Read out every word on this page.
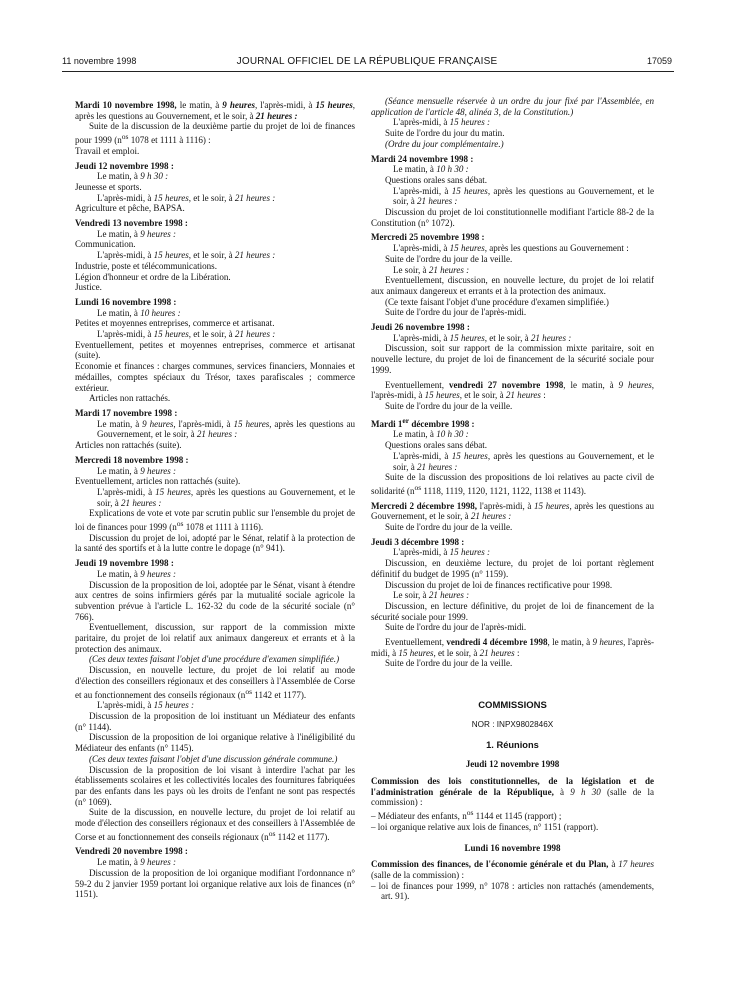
11 novembre 1998	JOURNAL OFFICIEL DE LA RÉPUBLIQUE FRANÇAISE	17059

Mardi 10 novembre 1998, le matin, à 9 heures, l'après-midi, à 15 heures, après les questions au Gouvernement, et le soir, à 21 heures :

Suite de la discussion de la deuxième partie du projet de loi de finances pour 1999 ($n^{os}$ 1078 et 1111 à 1116) :

Travail et emploi.

Jeudi 12 novembre 1998 :

Le matin, à 9 h 30 :

Jeunesse et sports.

L'après-midi, à 15 heures, et le soir, à 21 heures :

Agriculture et pêche, BAPSA.

Vendredi 13 novembre 1998 :

Le matin, à 9 heures :

Communication.

L'après-midi, à 15 heures, et le soir, à 21 heures :

Industrie, poste et télécommunications.

Légion d'honneur et ordre de la Libération.

Justice.

Lundi 16 novembre 1998 :

Le matin, à 10 heures :

Petites et moyennes entreprises, commerce et artisanat.

L'après-midi, à 15 heures, et le soir, à 21 heures :

Eventuellement, petites et moyennes entreprises, commerce et artisanat (suite).

Economie et finances : charges communes, services financiers, Monnaies et médailles, comptes spéciaux du Trésor, taxes parafiscales ; commerce extérieur.

Articles non rattachés.

Mardi 17 novembre 1998 :

Le matin, à 9 heures, l'après-midi, à 15 heures, après les questions au Gouvernement, et le soir, à 21 heures :

Articles non rattachés (suite).

Mercredi 18 novembre 1998 :

Le matin, à 9 heures :

Eventuellement, articles non rattachés (suite).

L'après-midi, à 15 heures, après les questions au Gouvernement, et le soir, à 21 heures :

Explications de vote et vote par scrutin public sur l'ensemble du projet de loi de finances pour 1999 ($n^{os}$ 1078 et 1111 à 1116).

Discussion du projet de loi, adopté par le Sénat, relatif à la protection de la santé des sportifs et à la lutte contre le dopage (n° 941).

Jeudi 19 novembre 1998 :

Le matin, à 9 heures :

Discussion de la proposition de loi, adoptée par le Sénat, visant à étendre aux centres de soins infirmiers gérés par la mutualité sociale agricole la subvention prévue à l'article L. 162-32 du code de la sécurité sociale (n° 766).

Eventuellement, discussion, sur rapport de la commission mixte paritaire, du projet de loi relatif aux animaux dangereux et errants et à la protection des animaux.

(Ces deux textes faisant l'objet d'une procédure d'examen simplifiée.)

Discussion, en nouvelle lecture, du projet de loi relatif au mode d'élection des conseillers régionaux et des conseillers à l'Assemblée de Corse et au fonctionnement des conseils régionaux ($n^{os}$ 1142 et 1177).

L'après-midi, à 15 heures :

Discussion de la proposition de loi instituant un Médiateur des enfants (n° 1144).

Discussion de la proposition de loi organique relative à l'inéligibilité du Médiateur des enfants (n° 1145).

(Ces deux textes faisant l'objet d'une discussion générale commune.)

Discussion de la proposition de loi visant à interdire l'achat par les établissements scolaires et les collectivités locales des fournitures fabriquées par des enfants dans les pays où les droits de l'enfant ne sont pas respectés (n° 1069).

Suite de la discussion, en nouvelle lecture, du projet de loi relatif au mode d'élection des conseillers régionaux et des conseillers à l'Assemblée de Corse et au fonctionnement des conseils régionaux ($n^{os}$ 1142 et 1177).

Vendredi 20 novembre 1998 :

Le matin, à 9 heures :

Discussion de la proposition de loi organique modifiant l'ordonnance n° 59-2 du 2 janvier 1959 portant loi organique relative aux lois de finances (n° 1151).

(Séance mensuelle réservée à un ordre du jour fixé par l'Assemblée, en application de l'article 48, alinéa 3, de la Constitution.)

L'après-midi, à 15 heures :

Suite de l'ordre du jour du matin.

(Ordre du jour complémentaire.)

Mardi 24 novembre 1998 :

Le matin, à 10 h 30 :

Questions orales sans débat.

L'après-midi, à 15 heures, après les questions au Gouvernement, et le soir, à 21 heures :

Discussion du projet de loi constitutionnelle modifiant l'article 88-2 de la Constitution (n° 1072).

Mercredi 25 novembre 1998 :

L'après-midi, à 15 heures, après les questions au Gouvernement :

Suite de l'ordre du jour de la veille.

Le soir, à 21 heures :

Eventuellement, discussion, en nouvelle lecture, du projet de loi relatif aux animaux dangereux et errants et à la protection des animaux.

(Ce texte faisant l'objet d'une procédure d'examen simplifiée.)

Suite de l'ordre du jour de l'après-midi.

Jeudi 26 novembre 1998 :

L'après-midi, à 15 heures, et le soir, à 21 heures :

Discussion, soit sur rapport de la commission mixte paritaire, soit en nouvelle lecture, du projet de loi de financement de la sécurité sociale pour 1999.

Eventuellement, vendredi 27 novembre 1998, le matin, à 9 heures, l'après-midi, à 15 heures, et le soir, à 21 heures :

Suite de l'ordre du jour de la veille.

Mardi 1er décembre 1998 :

Le matin, à 10 h 30 :

Questions orales sans débat.

L'après-midi, à 15 heures, après les questions au Gouvernement, et le soir, à 21 heures :

Suite de la discussion des propositions de loi relatives au pacte civil de solidarité ($n^{os}$ 1118, 1119, 1120, 1121, 1122, 1138 et 1143).

Mercredi 2 décembre 1998, l'après-midi, à 15 heures, après les questions au Gouvernement, et le soir, à 21 heures :

Suite de l'ordre du jour de la veille.

Jeudi 3 décembre 1998 :

L'après-midi, à 15 heures :

Discussion, en deuxième lecture, du projet de loi portant règlement définitif du budget de 1995 (n° 1159).

Discussion du projet de loi de finances rectificative pour 1998.

Le soir, à 21 heures :

Discussion, en lecture définitive, du projet de loi de financement de la sécurité sociale pour 1999.

Suite de l'ordre du jour de l'après-midi.

Eventuellement, vendredi 4 décembre 1998, le matin, à 9 heures, l'après-midi, à 15 heures, et le soir, à 21 heures :

Suite de l'ordre du jour de la veille.

COMMISSIONS

NOR : INPX9802846X

1. Réunions

Jeudi 12 novembre 1998

Commission des lois constitutionnelles, de la législation et de l'administration générale de la République, à 9 h 30 (salle de la commission) :

– Médiateur des enfants, $n^{os}$ 1144 et 1145 (rapport) ;

– loi organique relative aux lois de finances, n° 1151 (rapport).

Lundi 16 novembre 1998

Commission des finances, de l'économie générale et du Plan, à 17 heures (salle de la commission) :

– loi de finances pour 1999, n° 1078 : articles non rattachés (amendements, art. 91).
